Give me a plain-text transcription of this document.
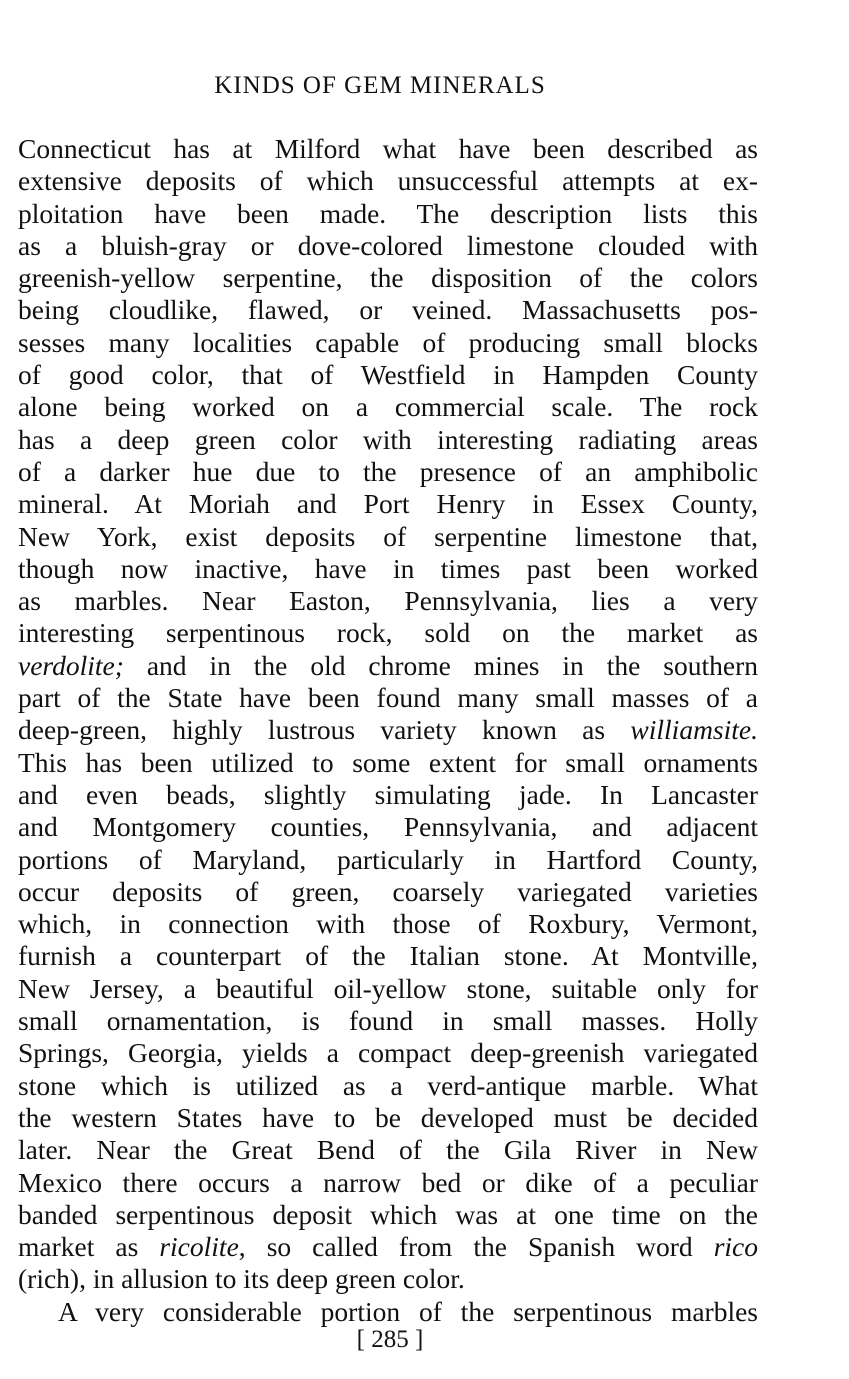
KINDS OF GEM MINERALS
Connecticut has at Milford what have been described as
extensive deposits of which unsuccessful attempts at ex-
ploitation have been made. The description lists this
as a bluish-gray or dove-colored limestone clouded with
greenish-yellow serpentine, the disposition of the colors
being cloudlike, flawed, or veined. Massachusetts pos-
sesses many localities capable of producing small blocks
of good color, that of Westfield in Hampden County
alone being worked on a commercial scale. The rock
has a deep green color with interesting radiating areas
of a darker hue due to the presence of an amphibolic
mineral. At Moriah and Port Henry in Essex County,
New York, exist deposits of serpentine limestone that,
though now inactive, have in times past been worked
as marbles. Near Easton, Pennsylvania, lies a very
interesting serpentinous rock, sold on the market as
verdolite; and in the old chrome mines in the southern
part of the State have been found many small masses of a
deep-green, highly lustrous variety known as williamsite.
This has been utilized to some extent for small ornaments
and even beads, slightly simulating jade. In Lancaster
and Montgomery counties, Pennsylvania, and adjacent
portions of Maryland, particularly in Hartford County,
occur deposits of green, coarsely variegated varieties
which, in connection with those of Roxbury, Vermont,
furnish a counterpart of the Italian stone. At Montville,
New Jersey, a beautiful oil-yellow stone, suitable only for
small ornamentation, is found in small masses. Holly
Springs, Georgia, yields a compact deep-greenish variegated
stone which is utilized as a verd-antique marble. What
the western States have to be developed must be decided
later. Near the Great Bend of the Gila River in New
Mexico there occurs a narrow bed or dike of a peculiar
banded serpentinous deposit which was at one time on the
market as ricolite, so called from the Spanish word rico
(rich), in allusion to its deep green color.
A very considerable portion of the serpentinous marbles
[ 285 ]
